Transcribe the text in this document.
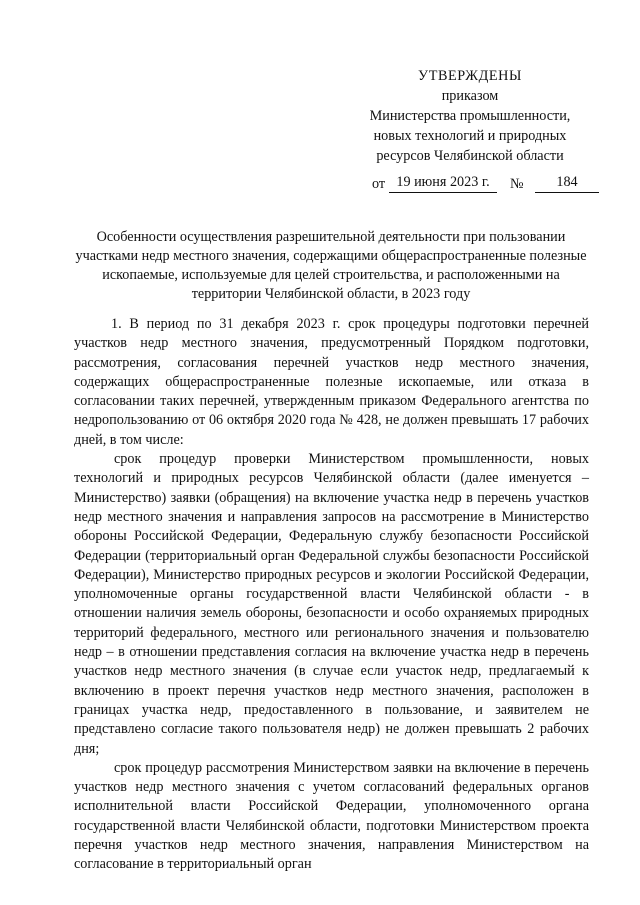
УТВЕРЖДЕНЫ
приказом
Министерства промышленности,
новых технологий и природных
ресурсов Челябинской области
от 19 июня 2023 г.	№	184
Особенности осуществления разрешительной деятельности при пользовании участками недр местного значения, содержащими общераспространенные полезные ископаемые, используемые для целей строительства, и расположенными на территории Челябинской области, в 2023 году

1. В период по 31 декабря 2023 г. срок процедуры подготовки перечней участков недр местного значения, предусмотренный Порядком подготовки, рассмотрения, согласования перечней участков недр местного значения, содержащих общераспространенные полезные ископаемые, или отказа в согласовании таких перечней, утвержденным приказом Федерального агентства по недропользованию от 06 октября 2020 года № 428, не должен превышать 17 рабочих дней, в том числе:

срок процедур проверки Министерством промышленности, новых технологий и природных ресурсов Челябинской области (далее именуется – Министерство) заявки (обращения) на включение участка недр в перечень участков недр местного значения и направления запросов на рассмотрение в Министерство обороны Российской Федерации, Федеральную службу безопасности Российской Федерации (территориальный орган Федеральной службы безопасности Российской Федерации), Министерство природных ресурсов и экологии Российской Федерации, уполномоченные органы государственной власти Челябинской области - в отношении наличия земель обороны, безопасности и особо охраняемых природных территорий федерального, местного или регионального значения и пользователю недр – в отношении представления согласия на включение участка недр в перечень участков недр местного значения (в случае если участок недр, предлагаемый к включению в проект перечня участков недр местного значения, расположен в границах участка недр, предоставленного в пользование, и заявителем не представлено согласие такого пользователя недр) не должен превышать 2 рабочих дня;

срок процедур рассмотрения Министерством заявки на включение в перечень участков недр местного значения с учетом согласований федеральных органов исполнительной власти Российской Федерации, уполномоченного органа государственной власти Челябинской области, подготовки Министерством проекта перечня участков недр местного значения, направления Министерством на согласование в территориальный орган
